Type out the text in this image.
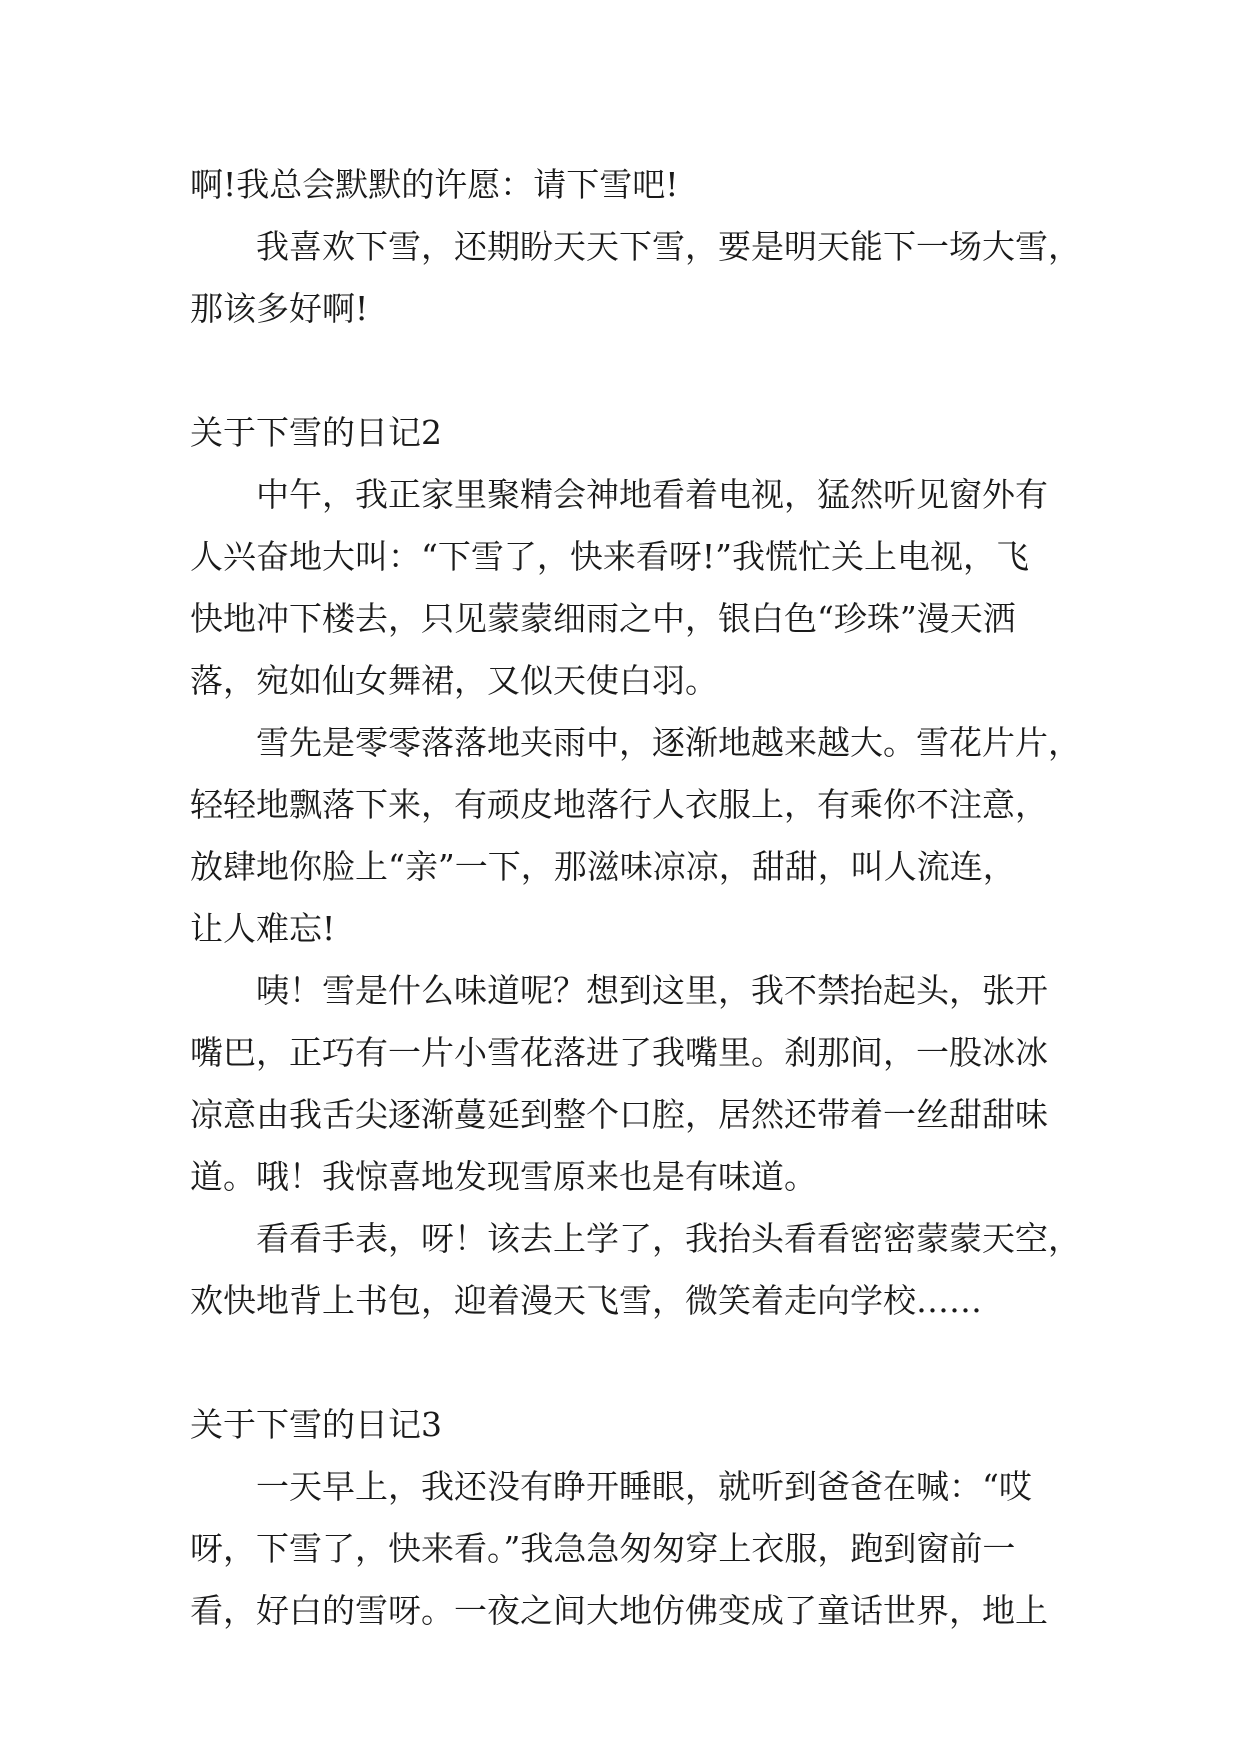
啊!我总会默默的许愿：请下雪吧!
我喜欢下雪，还期盼天天下雪，要是明天能下一场大雪，
那该多好啊!
关于下雪的日记2
中午，我正家里聚精会神地看着电视，猛然听见窗外有
人兴奋地大叫：“下雪了，快来看呀!”我慌忙关上电视，飞
快地冲下楼去，只见蒙蒙细雨之中，银白色“珍珠”漫天洒
落，宛如仙女舞裙，又似天使白羽。
雪先是零零落落地夹雨中，逐渐地越来越大。雪花片片，
轻轻地飘落下来，有顽皮地落行人衣服上，有乘你不注意，
放肆地你脸上“亲”一下，那滋味凉凉，甜甜，叫人流连，
让人难忘!
咦！雪是什么味道呢？想到这里，我不禁抬起头，张开
嘴巴，正巧有一片小雪花落进了我嘴里。刹那间，一股冰冰
凉意由我舌尖逐渐蔓延到整个口腔，居然还带着一丝甜甜味
道。哦！我惊喜地发现雪原来也是有味道。
看看手表，呀！该去上学了，我抬头看看密密蒙蒙天空，
欢快地背上书包，迎着漫天飞雪，微笑着走向学校……
关于下雪的日记3
一天早上，我还没有睁开睡眼，就听到爸爸在喊：“哎
呀，下雪了，快来看。”我急急匆匆穿上衣服，跑到窗前一
看，好白的雪呀。一夜之间大地仿佛变成了童话世界，地上
